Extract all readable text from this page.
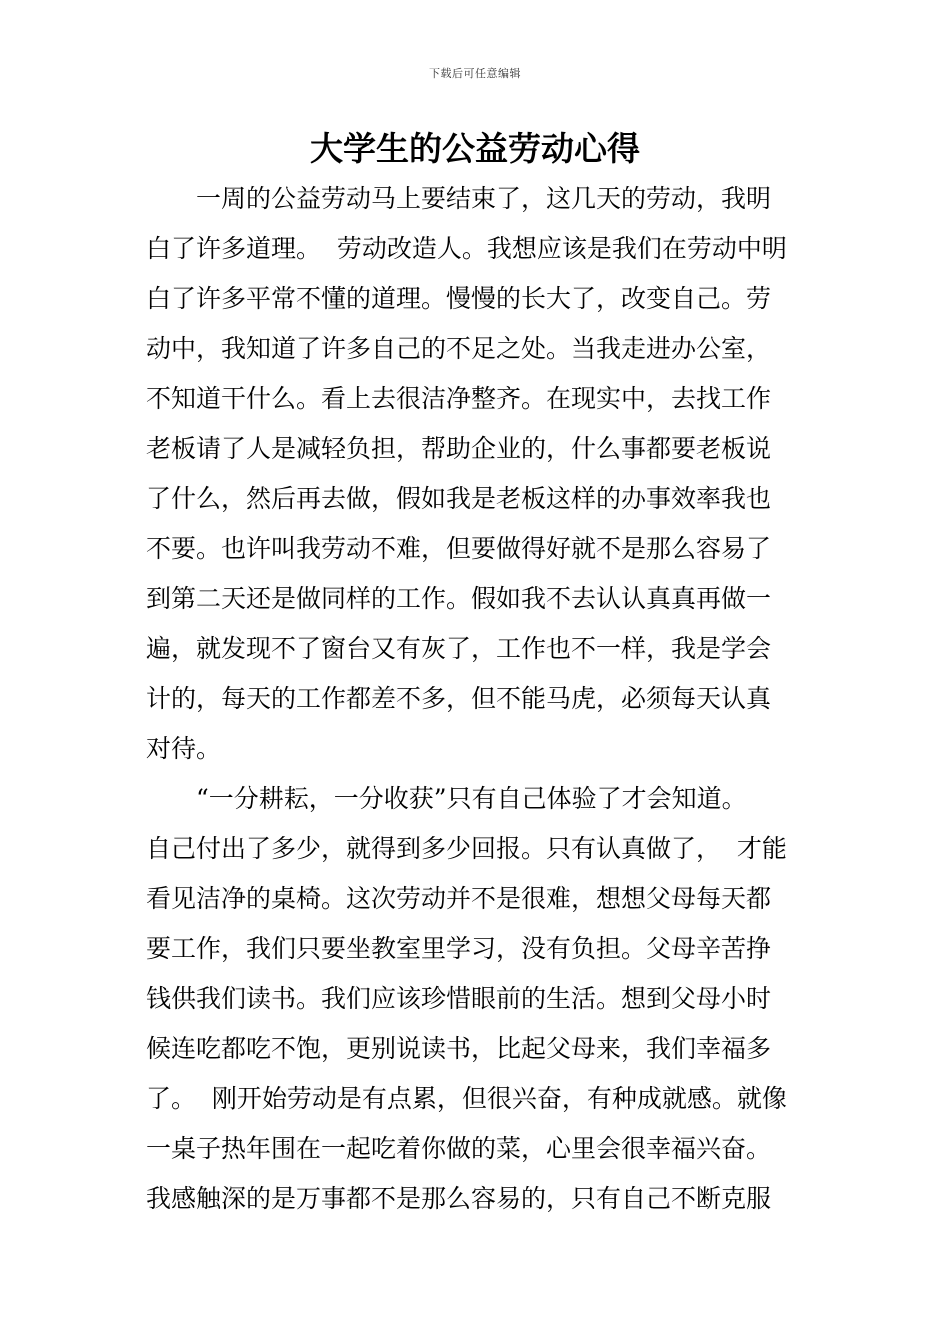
下载后可任意编辑
大学生的公益劳动心得
　　一周的公益劳动马上要结束了，这几天的劳动，我明
白了许多道理。  劳动改造人。我想应该是我们在劳动中明
白了许多平常不懂的道理。慢慢的长大了，改变自己。劳
动中，我知道了许多自己的不足之处。当我走进办公室，
不知道干什么。看上去很洁净整齐。在现实中，去找工作
老板请了人是减轻负担，帮助企业的，什么事都要老板说
了什么，然后再去做，假如我是老板这样的办事效率我也
不要。也许叫我劳动不难，但要做得好就不是那么容易了
到第二天还是做同样的工作。假如我不去认认真真再做一
遍，就发现不了窗台又有灰了，工作也不一样，我是学会
计的，每天的工作都差不多，但不能马虎，必须每天认真
对待。
　　“一分耕耘，一分收获”只有自己体验了才会知道。
自己付出了多少，就得到多少回报。只有认真做了，  才能
看见洁净的桌椅。这次劳动并不是很难，想想父母每天都
要工作，我们只要坐教室里学习，没有负担。父母辛苦挣
钱供我们读书。我们应该珍惜眼前的生活。想到父母小时
候连吃都吃不饱，更别说读书，比起父母来，我们幸福多
了。  刚开始劳动是有点累，但很兴奋，有种成就感。就像
一桌子热年围在一起吃着你做的菜，心里会很幸福兴奋。
我感触深的是万事都不是那么容易的，只有自己不断克服
